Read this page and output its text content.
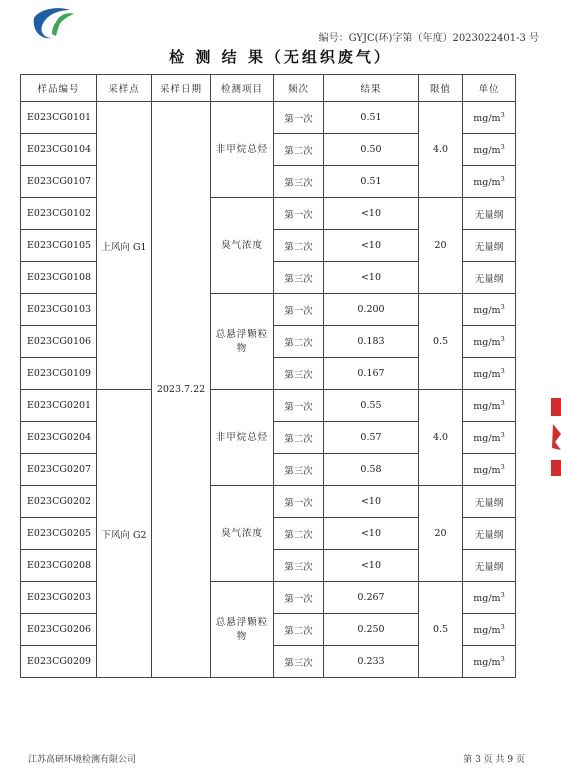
编号：GYJC(环)字第（年度）2023022401-3 号
检 测 结 果（无组织废气）
样品编号	采样点	采样日期	检测项目	频次	结果	限值	单位
E023CG0101	上风向 G1	2023.7.22	非甲烷总烃	第一次	0.51	4.0	$mg/m^3$
E023CG0104				第二次	0.50		$mg/m^3$
E023CG0107				第三次	0.51		$mg/m^3$
E023CG0102			臭气浓度	第一次	<10	20	无量纲
E023CG0105				第二次	<10		无量纲
E023CG0108				第三次	<10		无量纲
E023CG0103			总悬浮颗粒物	第一次	0.200	0.5	$mg/m^3$
E023CG0106				第二次	0.183		$mg/m^3$
E023CG0109				第三次	0.167		$mg/m^3$
E023CG0201	下风向 G2		非甲烷总烃	第一次	0.55	4.0	$mg/m^3$
E023CG0204				第二次	0.57		$mg/m^3$
E023CG0207				第三次	0.58		$mg/m^3$
E023CG0202			臭气浓度	第一次	<10	20	无量纲
E023CG0205				第二次	<10		无量纲
E023CG0208				第三次	<10		无量纲
E023CG0203			总悬浮颗粒物	第一次	0.267	0.5	$mg/m^3$
E023CG0206				第二次	0.250		$mg/m^3$
E023CG0209				第三次	0.233		$mg/m^3$
江苏高研环境检测有限公司	第 3 页 共 9 页
